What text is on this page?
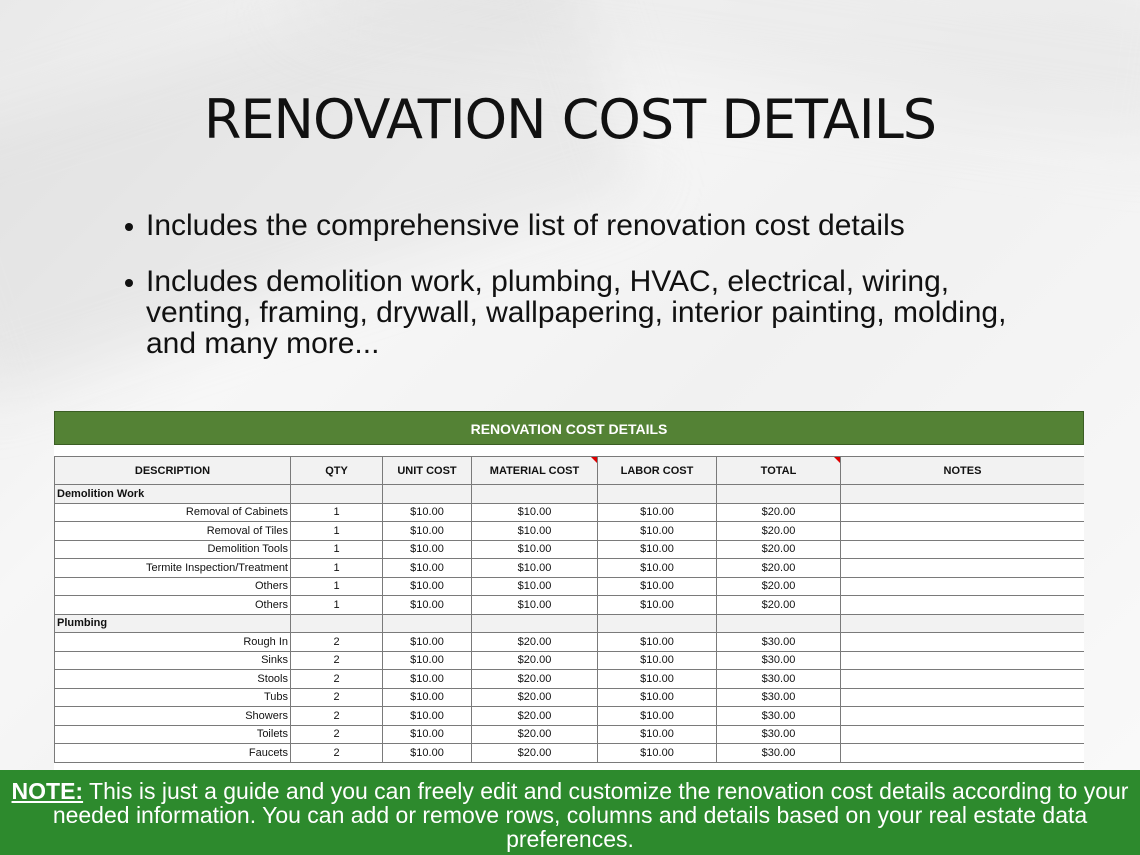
RENOVATION COST DETAILS
Includes the comprehensive list of renovation cost details
Includes demolition work, plumbing, HVAC, electrical, wiring, venting, framing, drywall, wallpapering, interior painting, molding, and many more...
RENOVATION COST DETAILS
DESCRIPTION	QTY	UNIT COST	MATERIAL COST	LABOR COST	TOTAL	NOTES
Demolition Work						
Removal of Cabinets	1	$10.00	$10.00	$10.00	$20.00	
Removal of Tiles	1	$10.00	$10.00	$10.00	$20.00	
Demolition Tools	1	$10.00	$10.00	$10.00	$20.00	
Termite Inspection/Treatment	1	$10.00	$10.00	$10.00	$20.00	
Others	1	$10.00	$10.00	$10.00	$20.00	
Others	1	$10.00	$10.00	$10.00	$20.00	
Plumbing						
Rough In	2	$10.00	$20.00	$10.00	$30.00	
Sinks	2	$10.00	$20.00	$10.00	$30.00	
Stools	2	$10.00	$20.00	$10.00	$30.00	
Tubs	2	$10.00	$20.00	$10.00	$30.00	
Showers	2	$10.00	$20.00	$10.00	$30.00	
Toilets	2	$10.00	$20.00	$10.00	$30.00	
Faucets	2	$10.00	$20.00	$10.00	$30.00	
NOTE: This is just a guide and you can freely edit and customize the renovation cost details according to your needed information. You can add or remove rows, columns and details based on your real estate data preferences.
